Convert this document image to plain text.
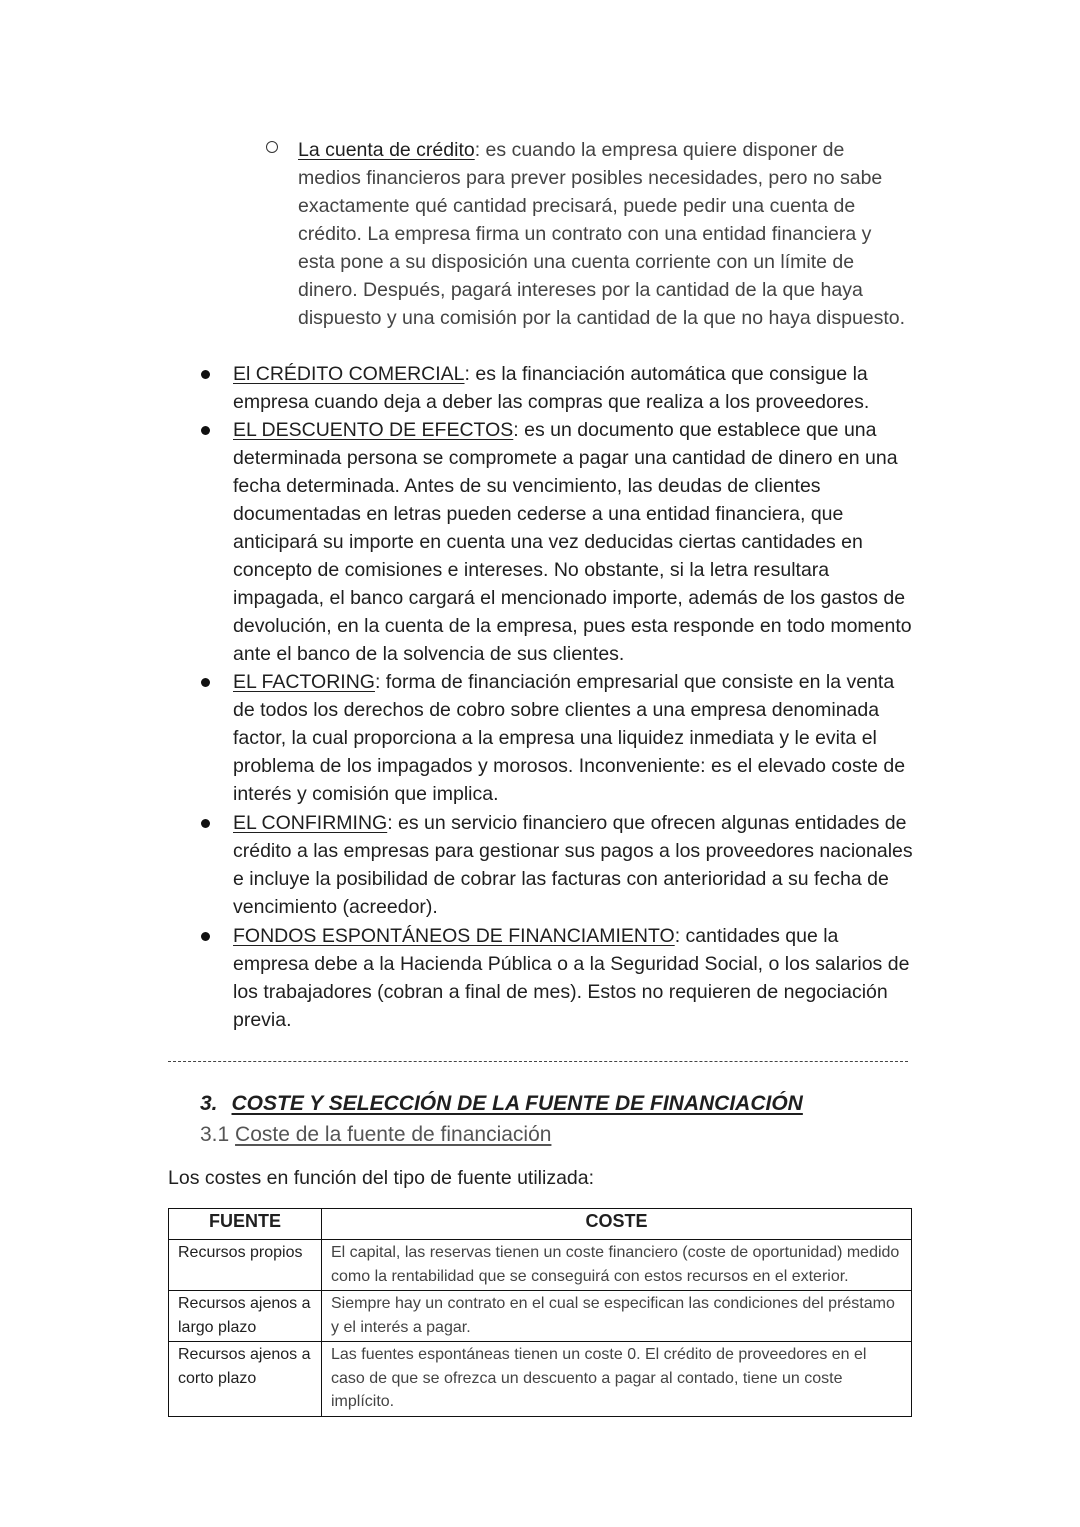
La cuenta de crédito: es cuando la empresa quiere disponer de medios financieros para prever posibles necesidades, pero no sabe exactamente qué cantidad precisará, puede pedir una cuenta de crédito. La empresa firma un contrato con una entidad financiera y esta pone a su disposición una cuenta corriente con un límite de dinero. Después, pagará intereses por la cantidad de la que haya dispuesto y una comisión por la cantidad de la que no haya dispuesto.

El CRÉDITO COMERCIAL: es la financiación automática que consigue la empresa cuando deja a deber las compras que realiza a los proveedores.

EL DESCUENTO DE EFECTOS: es un documento que establece que una determinada persona se compromete a pagar una cantidad de dinero en una fecha determinada. Antes de su vencimiento, las deudas de clientes documentadas en letras pueden cederse a una entidad financiera, que anticipará su importe en cuenta una vez deducidas ciertas cantidades en concepto de comisiones e intereses. No obstante, si la letra resultara impagada, el banco cargará el mencionado importe, además de los gastos de devolución, en la cuenta de la empresa, pues esta responde en todo momento ante el banco de la solvencia de sus clientes.

EL FACTORING: forma de financiación empresarial que consiste en la venta de todos los derechos de cobro sobre clientes a una empresa denominada factor, la cual proporciona a la empresa una liquidez inmediata y le evita el problema de los impagados y morosos. Inconveniente: es el elevado coste de interés y comisión que implica.

EL CONFIRMING: es un servicio financiero que ofrecen algunas entidades de crédito a las empresas para gestionar sus pagos a los proveedores nacionales e incluye la posibilidad de cobrar las facturas con anterioridad a su fecha de vencimiento (acreedor).

FONDOS ESPONTÁNEOS DE FINANCIAMIENTO: cantidades que la empresa debe a la Hacienda Pública o a la Seguridad Social, o los salarios de los trabajadores (cobran a final de mes). Estos no requieren de negociación previa.

3. COSTE Y SELECCIÓN DE LA FUENTE DE FINANCIACIÓN

3.1 Coste de la fuente de financiación

Los costes en función del tipo de fuente utilizada:

FUENTE	COSTE
Recursos propios	El capital, las reservas tienen un coste financiero (coste de oportunidad) medido como la rentabilidad que se conseguirá con estos recursos en el exterior.
Recursos ajenos a largo plazo	Siempre hay un contrato en el cual se especifican las condiciones del préstamo y el interés a pagar.
Recursos ajenos a corto plazo	Las fuentes espontáneas tienen un coste 0. El crédito de proveedores en el caso de que se ofrezca un descuento a pagar al contado, tiene un coste implícito.
